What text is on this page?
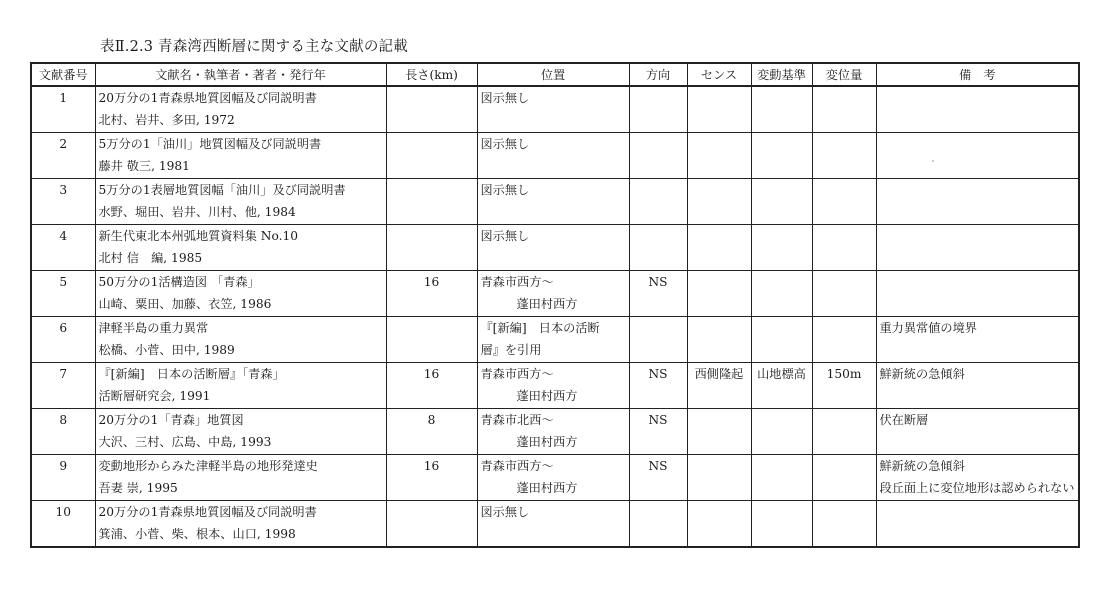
表Ⅱ.2.3 青森湾西断層に関する主な文献の記載
文献番号	文献名・執筆者・著者・発行年	長さ(km)	位置	方向	センス	変動基準	変位量	備　考
1	20万分の1青森県地質図幅及び同説明書
北村、岩井、多田, 1972		図示無し					

2	5万分の1「油川」地質図幅及び同説明書
藤井 敬三, 1981		図示無し					

3	5万分の1表層地質図幅「油川」及び同説明書
水野、堀田、岩井、川村、他, 1984		図示無し					

4	新生代東北本州弧地質資料集 No.10
北村 信　編, 1985		図示無し					

5	50万分の1活構造図 「青森」
山崎、粟田、加藤、衣笠, 1986	16	青森市西方～
蓬田村西方	NS				

6	津軽半島の重力異常
松橋、小菅、田中, 1989		『[新編]　日本の活断
層』を引用					重力異常値の境界

7	『[新編]　日本の活断層』「青森」
活断層研究会, 1991	16	青森市西方～
蓬田村西方	NS	西側隆起	山地標高	150m	鮮新統の急傾斜

8	20万分の1「青森」地質図
大沢、三村、広島、中島, 1993	8	青森市北西～
蓬田村西方	NS				伏在断層

9	変動地形からみた津軽半島の地形発達史
吾妻 崇, 1995	16	青森市西方～
蓬田村西方	NS				鮮新統の急傾斜
段丘面上に変位地形は認められない

10	20万分の1青森県地質図幅及び同説明書
箕浦、小菅、柴、根本、山口, 1998		図示無し					
